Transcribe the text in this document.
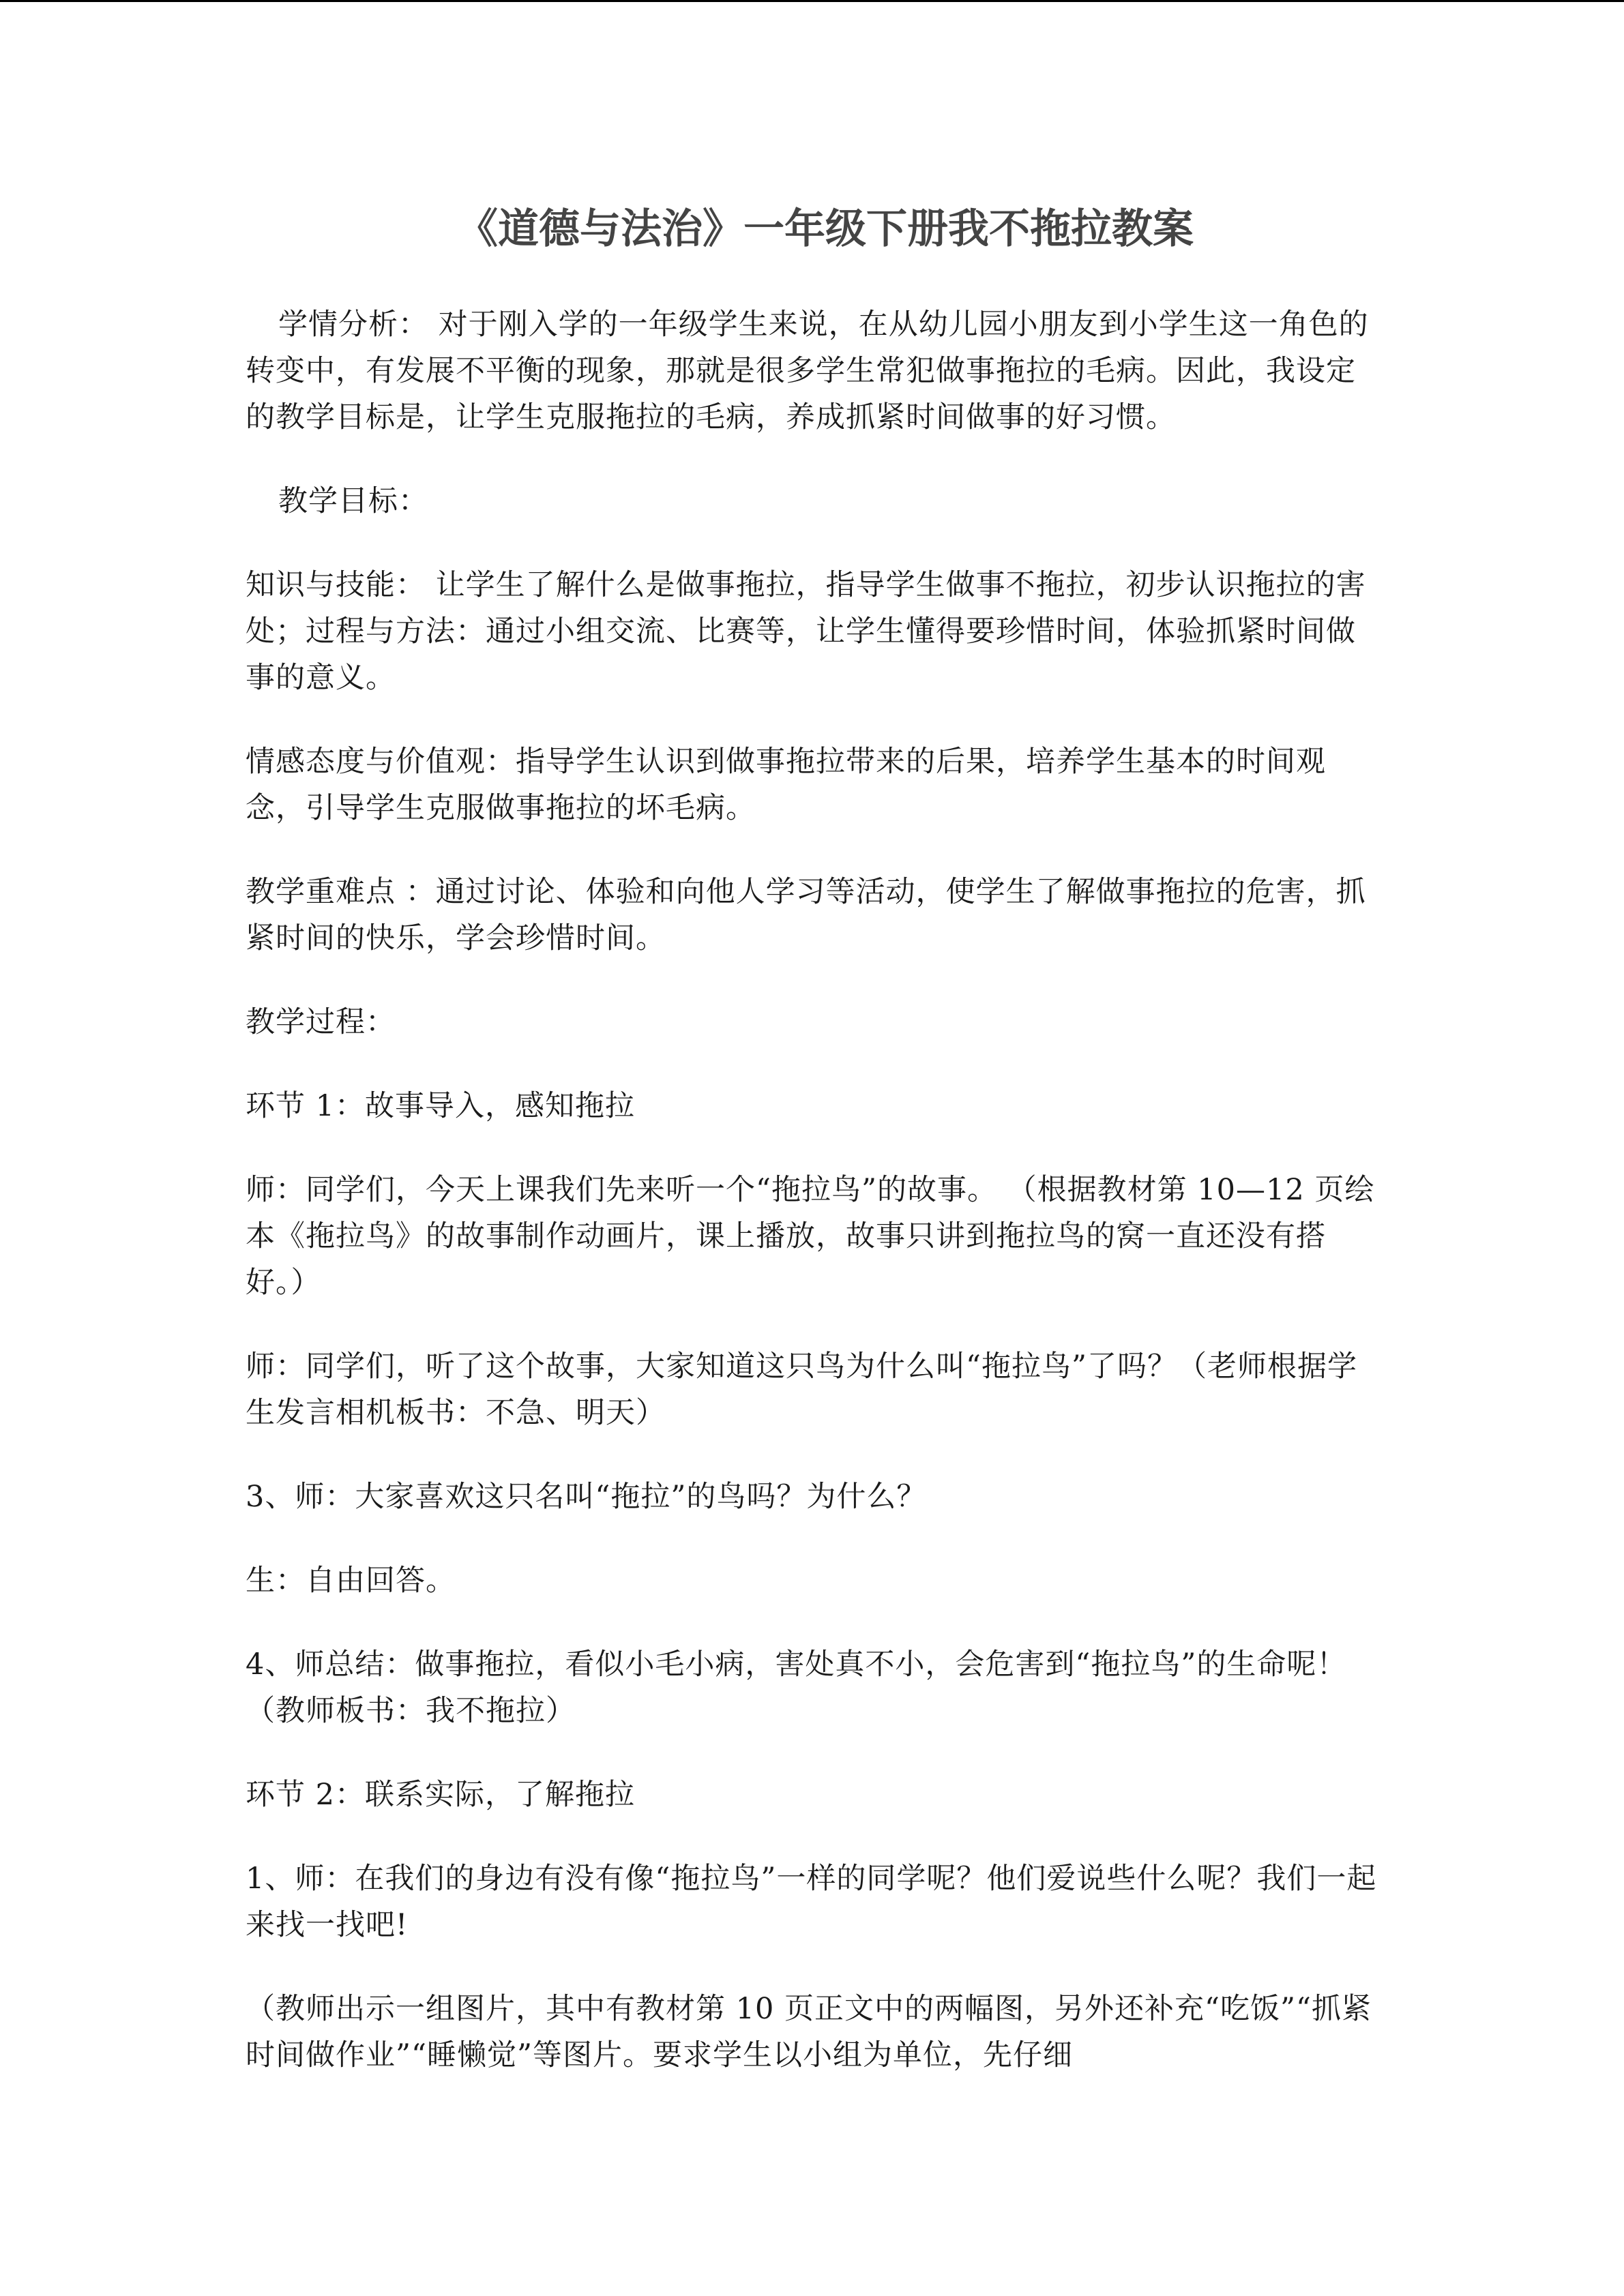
《道德与法治》一年级下册我不拖拉教案

学情分析： 对于刚入学的一年级学生来说，在从幼儿园小朋友到小学生这一角色的转变中，有发展不平衡的现象，那就是很多学生常犯做事拖拉的毛病。因此，我设定的教学目标是，让学生克服拖拉的毛病，养成抓紧时间做事的好习惯。

教学目标：

知识与技能： 让学生了解什么是做事拖拉，指导学生做事不拖拉，初步认识拖拉的害处；过程与方法：通过小组交流、比赛等，让学生懂得要珍惜时间，体验抓紧时间做事的意义。

情感态度与价值观：指导学生认识到做事拖拉带来的后果，培养学生基本的时间观念，引导学生克服做事拖拉的坏毛病。

教学重难点 ：通过讨论、体验和向他人学习等活动，使学生了解做事拖拉的危害，抓紧时间的快乐，学会珍惜时间。

教学过程：

环节 1：故事导入，感知拖拉

师：同学们，今天上课我们先来听一个“拖拉鸟”的故事。 （根据教材第 10—12 页绘本《拖拉鸟》的故事制作动画片，课上播放，故事只讲到拖拉鸟的窝一直还没有搭好。）

师：同学们，听了这个故事，大家知道这只鸟为什么叫“拖拉鸟”了吗？（老师根据学生发言相机板书：不急、明天）

3、师：大家喜欢这只名叫“拖拉”的鸟吗？为什么？

生：自由回答。

4、师总结：做事拖拉，看似小毛小病，害处真不小，会危害到“拖拉鸟”的生命呢！ （教师板书：我不拖拉）

环节 2：联系实际，了解拖拉

1、师：在我们的身边有没有像“拖拉鸟”一样的同学呢？他们爱说些什么呢？我们一起来找一找吧!

（教师出示一组图片，其中有教材第 10 页正文中的两幅图，另外还补充“吃饭”“抓紧时间做作业”“睡懒觉”等图片。要求学生以小组为单位，先仔细
